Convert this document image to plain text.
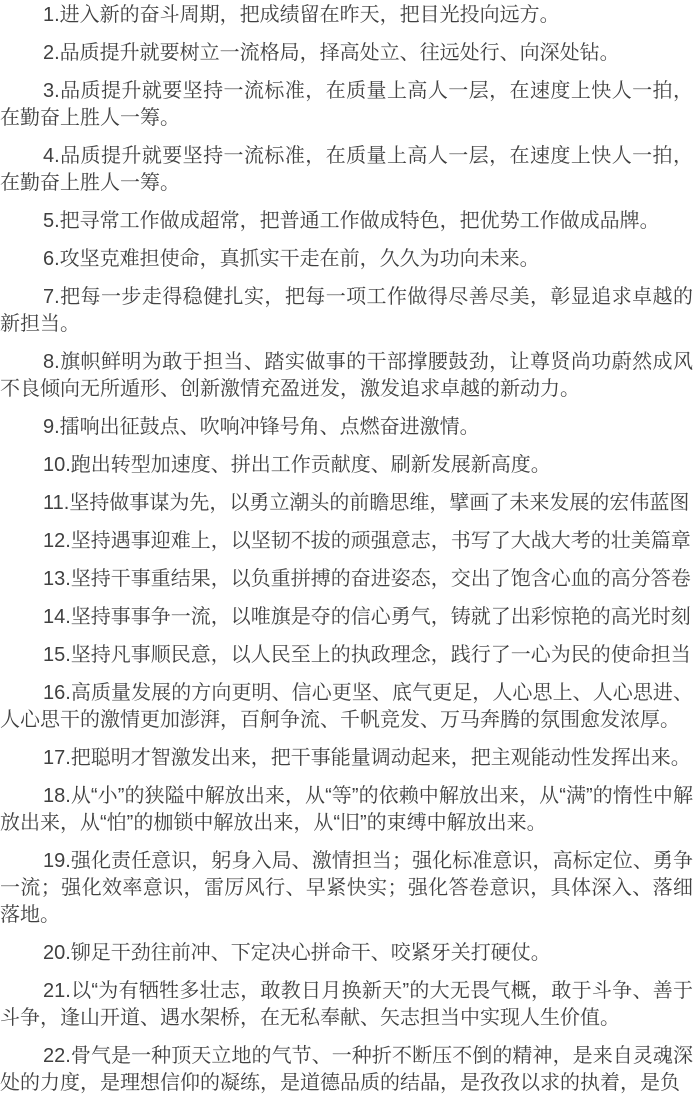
1.进入新的奋斗周期，把成绩留在昨天，把目光投向远方。

2.品质提升就要树立一流格局，择高处立、往远处行、向深处钻。

3.品质提升就要坚持一流标准，在质量上高人一层，在速度上快人一拍，在勤奋上胜人一筹。

4.品质提升就要坚持一流标准，在质量上高人一层，在速度上快人一拍，在勤奋上胜人一筹。

5.把寻常工作做成超常，把普通工作做成特色，把优势工作做成品牌。

6.攻坚克难担使命，真抓实干走在前，久久为功向未来。

7.把每一步走得稳健扎实，把每一项工作做得尽善尽美，彰显追求卓越的新担当。

8.旗帜鲜明为敢于担当、踏实做事的干部撑腰鼓劲，让尊贤尚功蔚然成风不良倾向无所遁形、创新激情充盈迸发，激发追求卓越的新动力。

9.擂响出征鼓点、吹响冲锋号角、点燃奋进激情。

10.跑出转型加速度、拼出工作贡献度、刷新发展新高度。

11.坚持做事谋为先，以勇立潮头的前瞻思维，擘画了未来发展的宏伟蓝图

12.坚持遇事迎难上，以坚韧不拔的顽强意志，书写了大战大考的壮美篇章

13.坚持干事重结果，以负重拼搏的奋进姿态，交出了饱含心血的高分答卷

14.坚持事事争一流，以唯旗是夺的信心勇气，铸就了出彩惊艳的高光时刻

15.坚持凡事顺民意，以人民至上的执政理念，践行了一心为民的使命担当

16.高质量发展的方向更明、信心更坚、底气更足，人心思上、人心思进、人心思干的激情更加澎湃，百舸争流、千帆竞发、万马奔腾的氛围愈发浓厚。

17.把聪明才智激发出来，把干事能量调动起来，把主观能动性发挥出来。

18.从“小”的狭隘中解放出来，从“等”的依赖中解放出来，从“满”的惰性中解放出来，从“怕”的枷锁中解放出来，从“旧”的束缚中解放出来。

19.强化责任意识，躬身入局、激情担当；强化标准意识，高标定位、勇争一流；强化效率意识，雷厉风行、早紧快实；强化答卷意识，具体深入、落细落地。

20.铆足干劲往前冲、下定决心拼命干、咬紧牙关打硬仗。

21.以“为有牺牲多壮志，敢教日月换新天”的大无畏气概，敢于斗争、善于斗争，逢山开道、遇水架桥，在无私奉献、矢志担当中实现人生价值。

22.骨气是一种顶天立地的气节、一种折不断压不倒的精神，是来自灵魂深处的力度，是理想信仰的凝练，是道德品质的结晶，是孜孜以求的执着，是负
